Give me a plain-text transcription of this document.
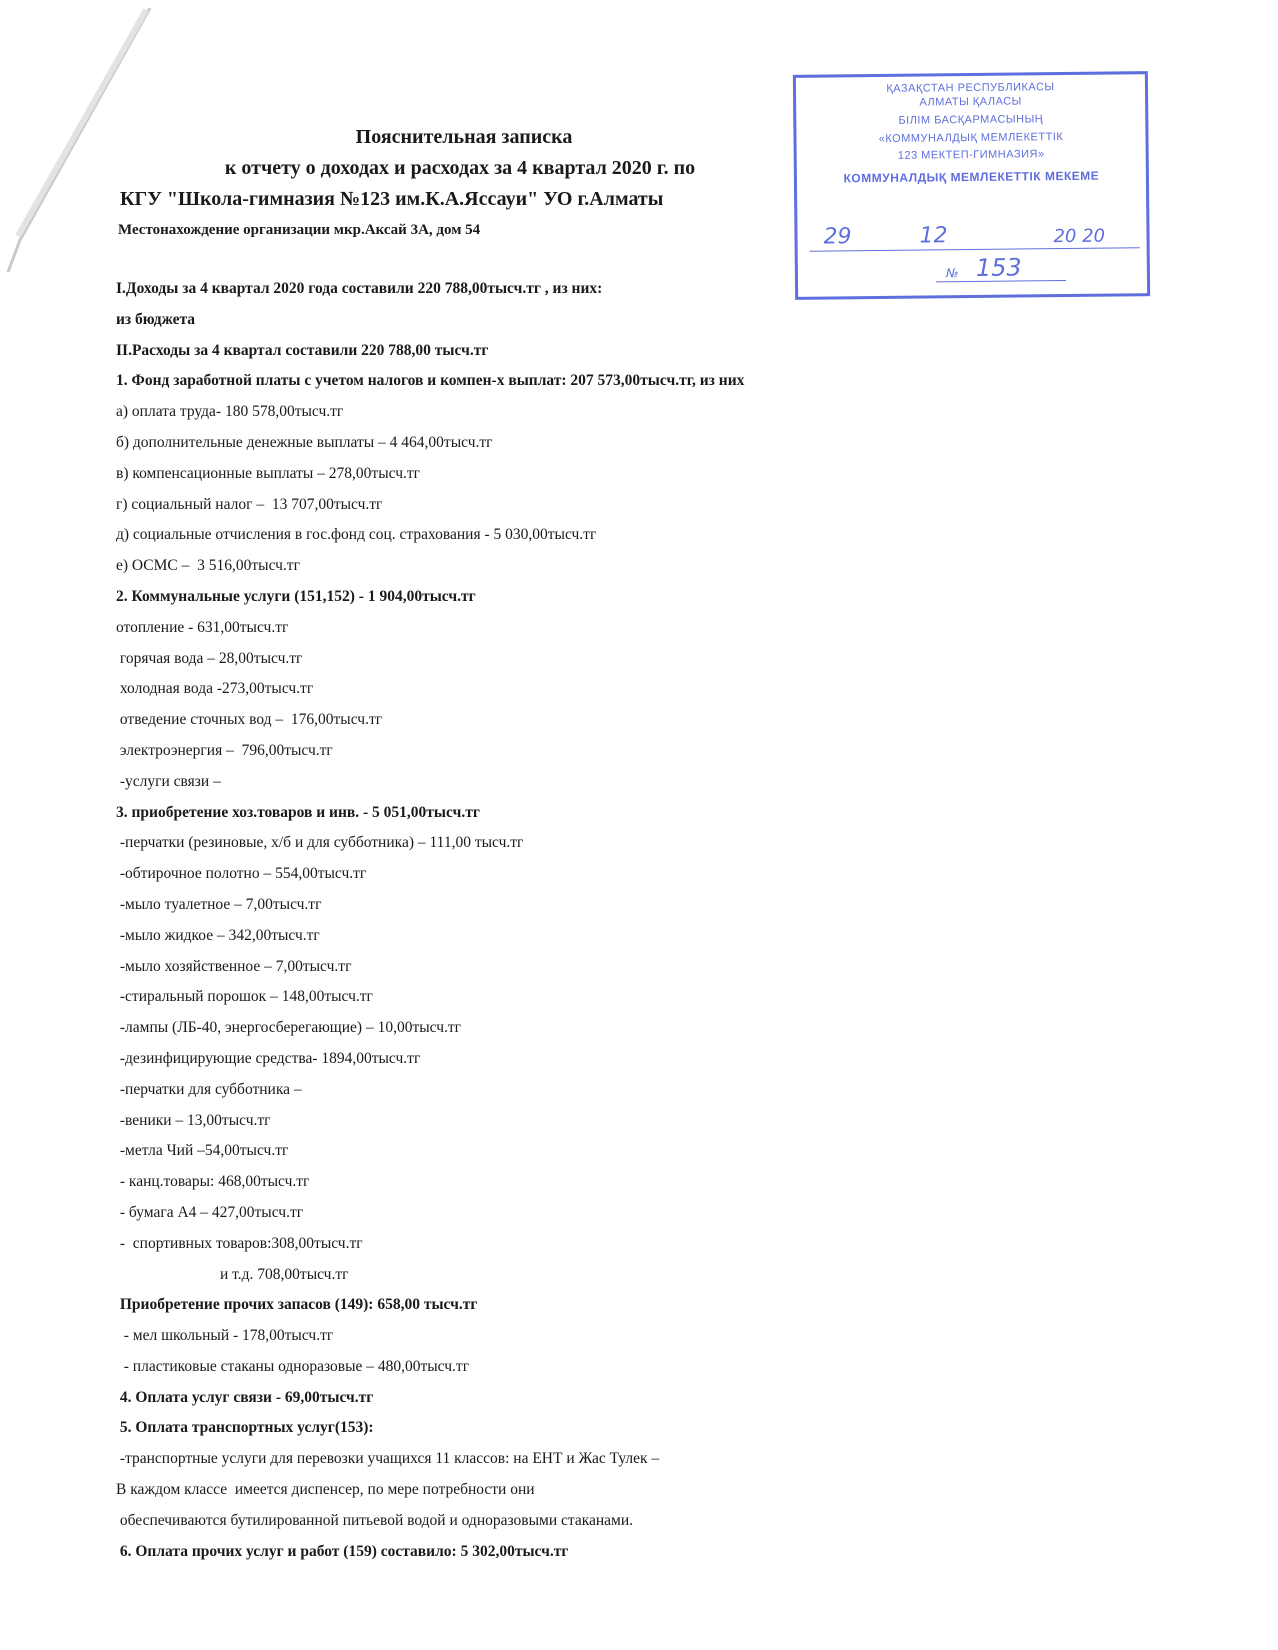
Пояснительная записка
к отчету о доходах и расходах за 4 квартал 2020 г. по
КГУ "Школа-гимназия №123 им.К.А.Яссауи" УО г.Алматы
Местонахождение организации мкр.Аксай 3А, дом 54
ҚАЗАҚСТАН РЕСПУБЛИКАСЫ
АЛМАТЫ ҚАЛАСЫ
БІЛІМ БАСҚАРМАСЫНЫҢ
«КОММУНАЛДЫҚ МЕМЛЕКЕТТІК
123 МЕКТЕП-ГИМНАЗИЯ»
КОММУНАЛДЫҚ МЕМЛЕКЕТТІК МЕКЕМЕ
29	12	20 20
№ 153
I.Доходы за 4 квартал 2020 года составили 220 788,00тысч.тг , из них:
из бюджета
II.Расходы за 4 квартал составили 220 788,00 тысч.тг
1. Фонд заработной платы с учетом налогов и компен-х выплат: 207 573,00тысч.тг, из них
а) оплата труда- 180 578,00тысч.тг
б) дополнительные денежные выплаты – 4 464,00тысч.тг
в) компенсационные выплаты – 278,00тысч.тг
г) социальный налог –  13 707,00тысч.тг
д) социальные отчисления в гос.фонд соц. страхования - 5 030,00тысч.тг
е) ОСМС –  3 516,00тысч.тг
2. Коммунальные услуги (151,152) - 1 904,00тысч.тг
отопление - 631,00тысч.тг
горячая вода – 28,00тысч.тг
холодная вода -273,00тысч.тг
отведение сточных вод –  176,00тысч.тг
электроэнергия –  796,00тысч.тг
-услуги связи –
3. приобретение хоз.товаров и инв. - 5 051,00тысч.тг
-перчатки (резиновые, х/б и для субботника) – 111,00 тысч.тг
-обтирочное полотно – 554,00тысч.тг
-мыло туалетное – 7,00тысч.тг
-мыло жидкое – 342,00тысч.тг
-мыло хозяйственное – 7,00тысч.тг
-стиральный порошок – 148,00тысч.тг
-лампы (ЛБ-40, энергосберегающие) – 10,00тысч.тг
-дезинфицирующие средства- 1894,00тысч.тг
-перчатки для субботника –
-веники – 13,00тысч.тг
-метла Чий –54,00тысч.тг
- канц.товары: 468,00тысч.тг
- бумага А4 – 427,00тысч.тг
-  спортивных товаров:308,00тысч.тг
и т.д. 708,00тысч.тг
Приобретение прочих запасов (149): 658,00 тысч.тг
- мел школьный - 178,00тысч.тг
- пластиковые стаканы одноразовые – 480,00тысч.тг
4. Оплата услуг связи - 69,00тысч.тг
5. Оплата транспортных услуг(153):
-транспортные услуги для перевозки учащихся 11 классов: на ЕНТ и Жас Тулек –
В каждом классе  имеется диспенсер, по мере потребности они
обеспечиваются бутилированной питьевой водой и одноразовыми стаканами.
6. Оплата прочих услуг и работ (159) составило: 5 302,00тысч.тг
